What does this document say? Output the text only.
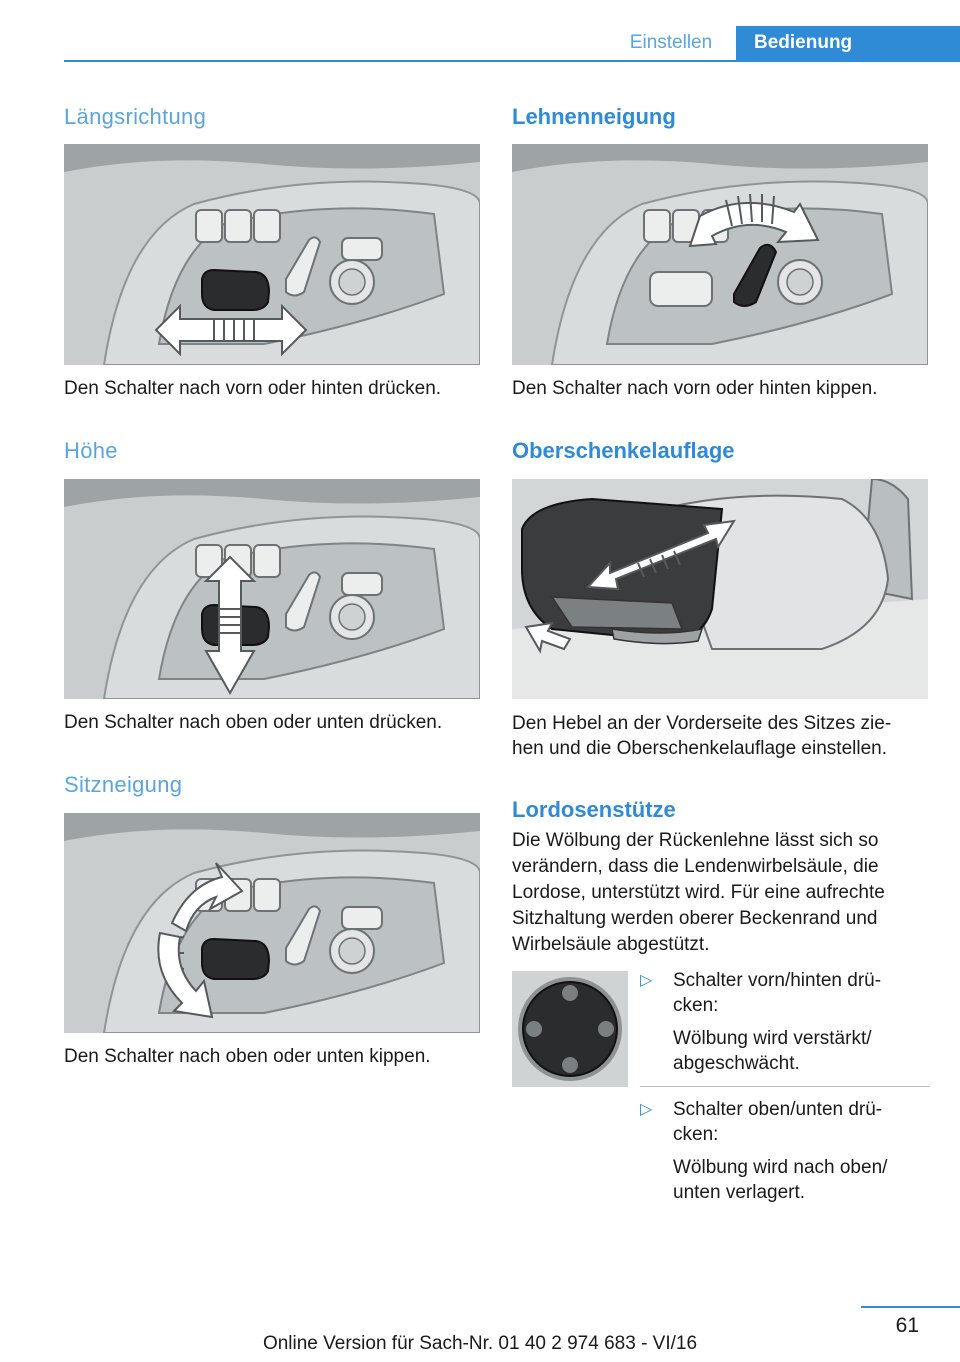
Einstellen	Bedienung
Längsrichtung

Den Schalter nach vorn oder hinten drücken.

Höhe

Den Schalter nach oben oder unten drücken.

Sitzneigung

Den Schalter nach oben oder unten kippen.

Lehnenneigung

Den Schalter nach vorn oder hinten kippen.

Oberschenkelauflage

Den Hebel an der Vorderseite des Sitzes zie-

hen und die Oberschenkelauflage einstellen.

Lordosenstütze
Die Wölbung der Rückenlehne lässt sich so
verändern, dass die Lendenwirbelsäule, die
Lordose, unterstützt wird. Für eine aufrechte
Sitzhaltung werden oberer Beckenrand und
Wirbelsäule abgestützt.
▷ Schalter vorn/hinten drü-
cken:
Wölbung wird verstärkt/
abgeschwächt.
▷ Schalter oben/unten drü-
cken:
Wölbung wird nach oben/
unten verlagert.
61
Online Version für Sach-Nr. 01 40 2 974 683 - VI/16
